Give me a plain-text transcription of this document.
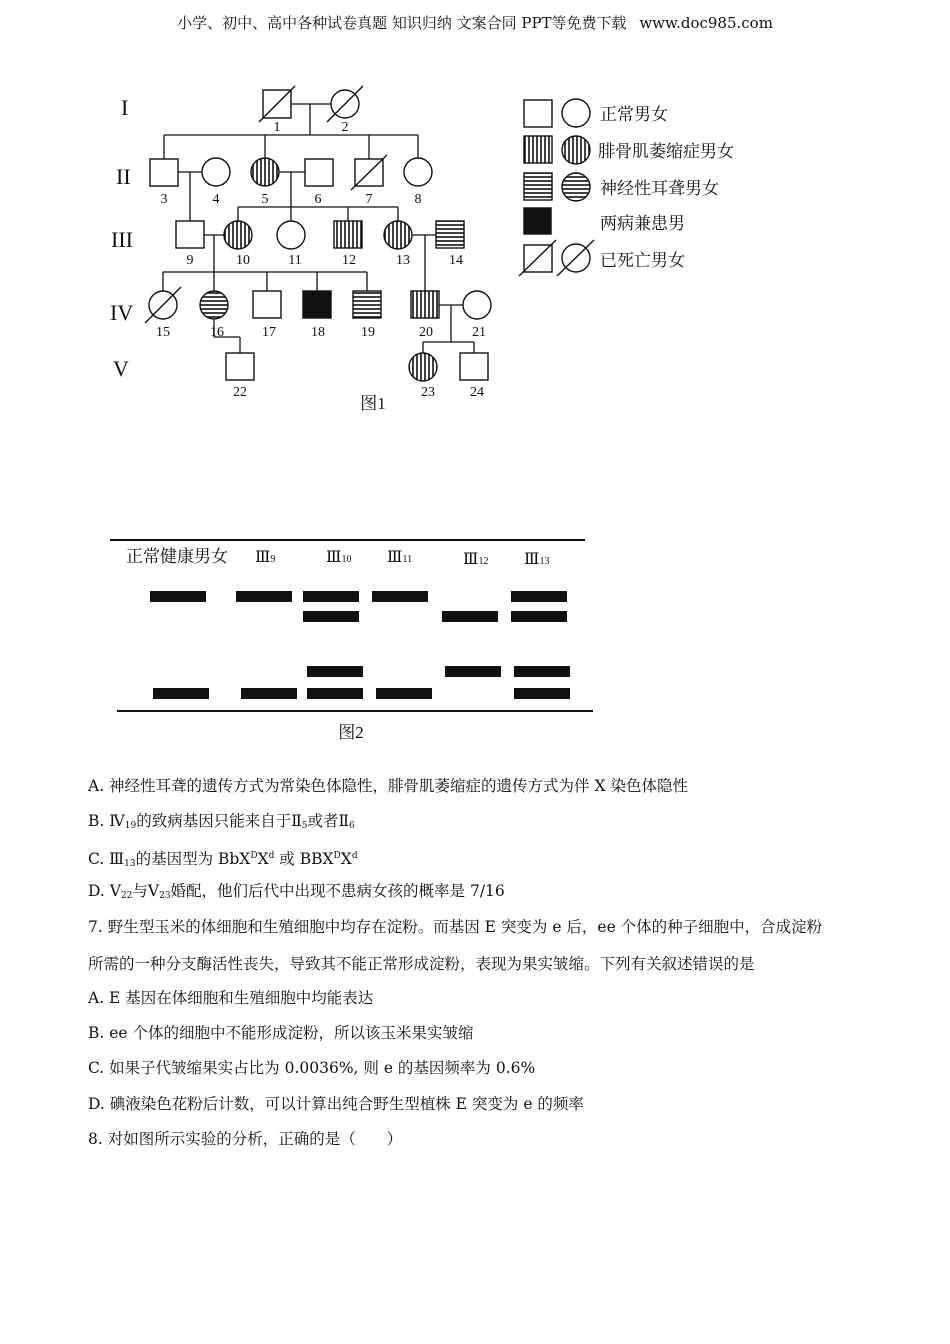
小学、初中、高中各种试卷真题 知识归纳 文案合同 PPT等免费下载 www.doc985.com
I
II
III
IV
V
1	2
3	4	5	6	7	8
9	10	11	12	13	14
15	16	17	18	19	20	21
22	23	24
图1
正常男女
腓骨肌萎缩症男女
神经性耳聋男女
两病兼患男
已死亡男女
正常健康男女 Ⅲ9	Ⅲ10 Ⅲ11	Ⅲ12 Ⅲ13
图2
A. 神经性耳聋的遗传方式为常染色体隐性，腓骨肌萎缩症的遗传方式为伴 X 染色体隐性
B. $Ⅳ_{19}$的致病基因只能来自于$Ⅱ_5$或者$Ⅱ_6$
C. $Ⅲ_{13}$的基因型为 $BbX^DX^d$ 或 $BBX^DX^d$
D. $Ⅴ_{22}$与$Ⅴ_{23}$婚配，他们后代中出现不患病女孩的概率是 7/16
7. 野生型玉米的体细胞和生殖细胞中均存在淀粉。而基因 E 突变为 e 后，ee 个体的种子细胞中，合成淀粉
所需的一种分支酶活性丧失，导致其不能正常形成淀粉，表现为果实皱缩。下列有关叙述错误的是
A. E 基因在体细胞和生殖细胞中均能表达
B. ee 个体的细胞中不能形成淀粉，所以该玉米果实皱缩
C. 如果子代皱缩果实占比为 0.0036%, 则 e 的基因频率为 0.6%
D. 碘液染色花粉后计数，可以计算出纯合野生型植株 E 突变为 e 的频率
8. 对如图所示实验的分析，正确的是（　　）
